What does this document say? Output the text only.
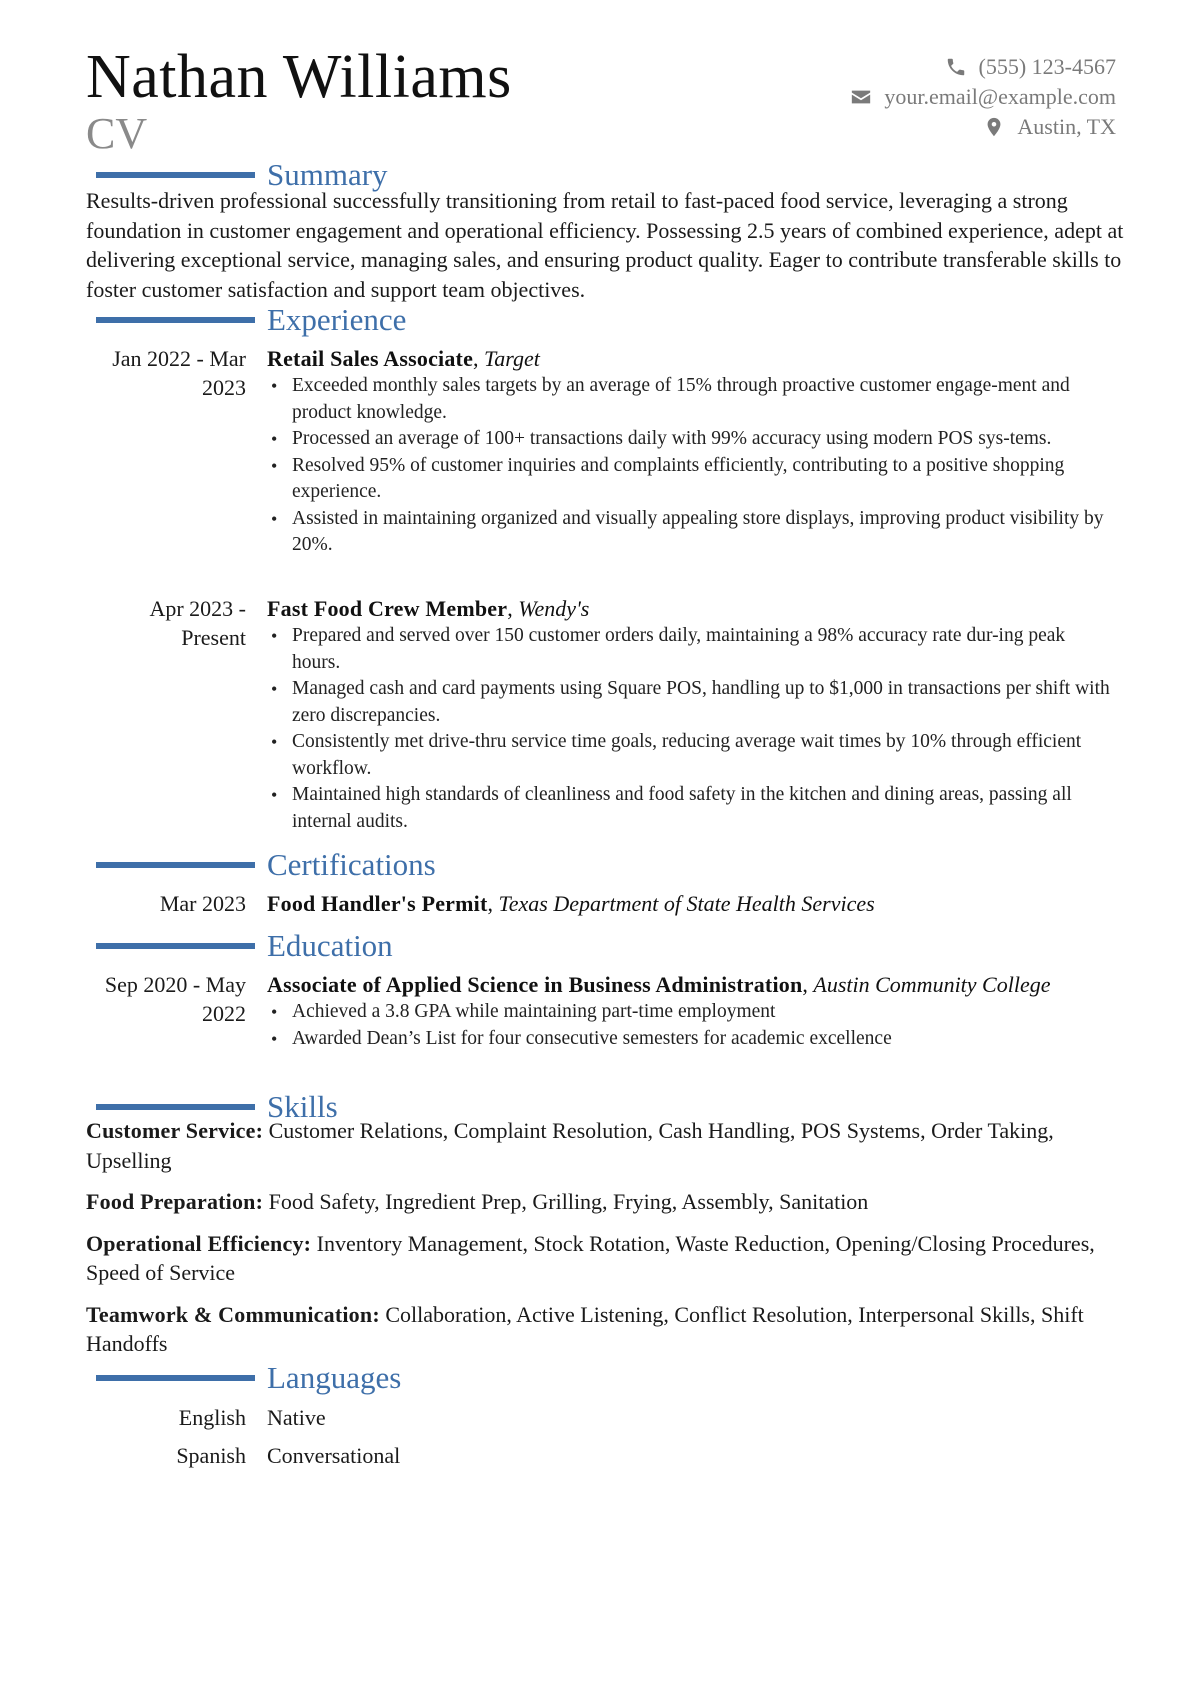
Nathan Williams
CV
(555) 123-4567
your.email@example.com
Austin, TX
Summary
Results-driven professional successfully transitioning from retail to fast-paced food service, leveraging a strong foundation in customer engagement and operational efficiency. Possessing 2.5 years of combined experience, adept at delivering exceptional service, managing sales, and ensuring product quality. Eager to contribute transferable skills to foster customer satisfaction and support team objectives.
Experience
Jan 2022 - Mar
2023
Retail Sales Associate, Target
• Exceeded monthly sales targets by an average of 15% through proactive customer engage-ment and product knowledge.
• Processed an average of 100+ transactions daily with 99% accuracy using modern POS sys-tems.
• Resolved 95% of customer inquiries and complaints efficiently, contributing to a positive shopping experience.
• Assisted in maintaining organized and visually appealing store displays, improving product visibility by 20%.
Apr 2023 -
Present
Fast Food Crew Member, Wendy's
• Prepared and served over 150 customer orders daily, maintaining a 98% accuracy rate dur-ing peak hours.
• Managed cash and card payments using Square POS, handling up to $1,000 in transactions per shift with zero discrepancies.
• Consistently met drive-thru service time goals, reducing average wait times by 10% through efficient workflow.
• Maintained high standards of cleanliness and food safety in the kitchen and dining areas, passing all internal audits.
Certifications
Mar 2023 Food Handler's Permit, Texas Department of State Health Services
Education
Sep 2020 - May
2022
Associate of Applied Science in Business Administration, Austin Community College
• Achieved a 3.8 GPA while maintaining part-time employment
• Awarded Dean’s List for four consecutive semesters for academic excellence
Skills
Customer Service: Customer Relations, Complaint Resolution, Cash Handling, POS Systems, Order Taking, Upselling
Food Preparation: Food Safety, Ingredient Prep, Grilling, Frying, Assembly, Sanitation
Operational Efficiency: Inventory Management, Stock Rotation, Waste Reduction, Opening/Closing Procedures, Speed of Service
Teamwork & Communication: Collaboration, Active Listening, Conflict Resolution, Interpersonal Skills, Shift Handoffs
Languages
English Native
Spanish Conversational
